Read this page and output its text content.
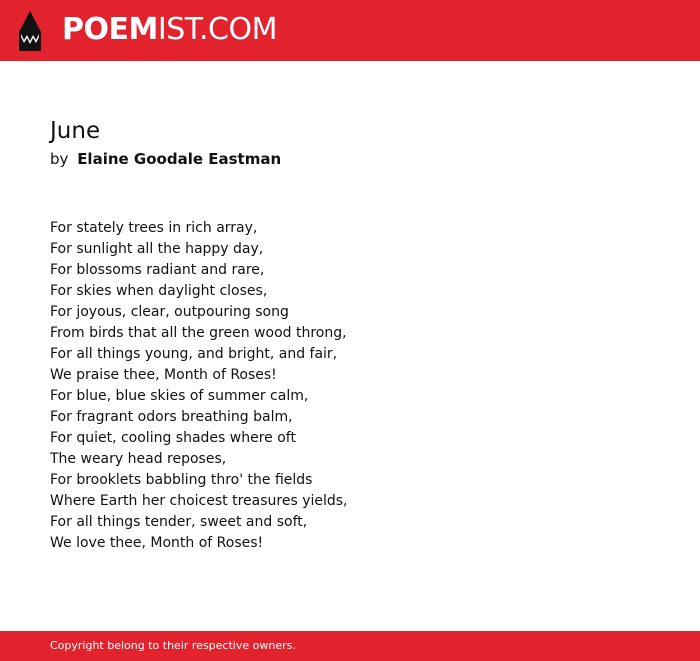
POEMIST.COM
June
by Elaine Goodale Eastman
For stately trees in rich array,
For sunlight all the happy day,
For blossoms radiant and rare,
For skies when daylight closes,
For joyous, clear, outpouring song
From birds that all the green wood throng,
For all things young, and bright, and fair,
We praise thee, Month of Roses!
For blue, blue skies of summer calm,
For fragrant odors breathing balm,
For quiet, cooling shades where oft
The weary head reposes,
For brooklets babbling thro' the fields
Where Earth her choicest treasures yields,
For all things tender, sweet and soft,
We love thee, Month of Roses!
Copyright belong to their respective owners.
